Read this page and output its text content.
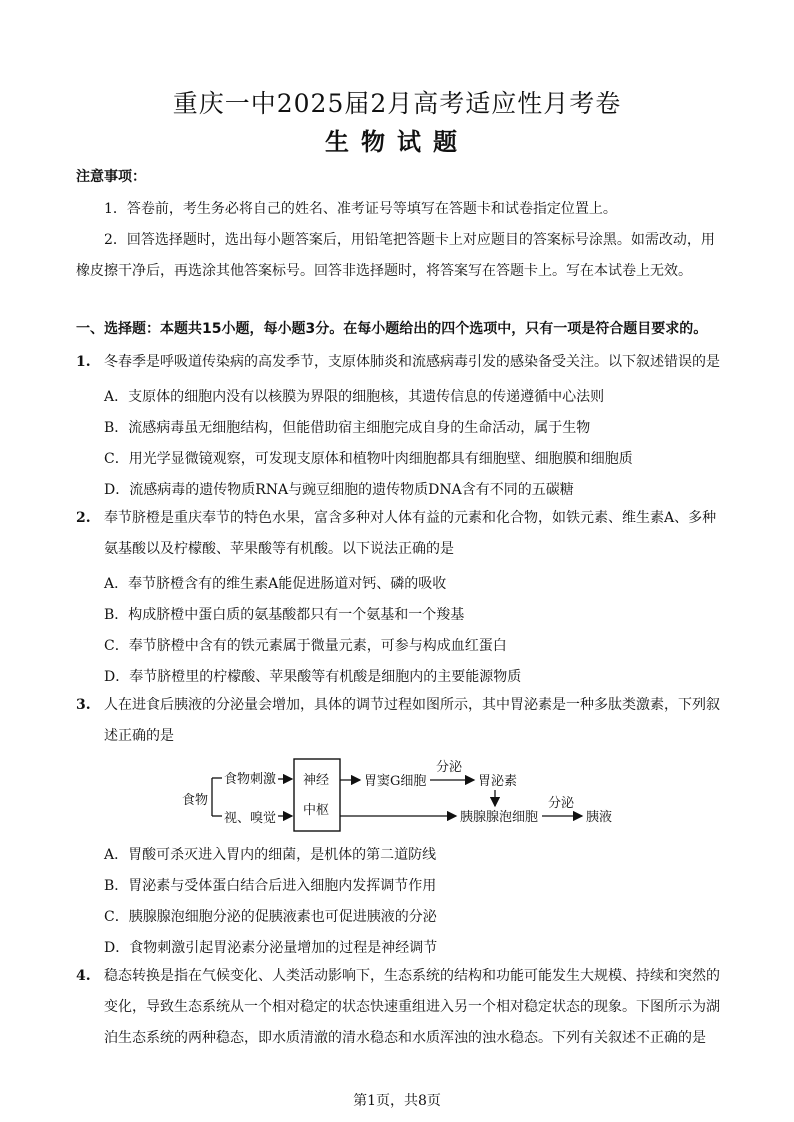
重庆一中2025届2月高考适应性月考卷
生物试题
注意事项：
1．答卷前，考生务必将自己的姓名、准考证号等填写在答题卡和试卷指定位置上。
2．回答选择题时，选出每小题答案后，用铅笔把答题卡上对应题目的答案标号涂黑。如需改动，用橡皮擦干净后，再选涂其他答案标号。回答非选择题时，将答案写在答题卡上。写在本试卷上无效。
一、选择题：本题共15小题，每小题3分。在每小题给出的四个选项中，只有一项是符合题目要求的。
1. 冬春季是呼吸道传染病的高发季节，支原体肺炎和流感病毒引发的感染备受关注。以下叙述错误的是
A．支原体的细胞内没有以核膜为界限的细胞核，其遗传信息的传递遵循中心法则
B．流感病毒虽无细胞结构，但能借助宿主细胞完成自身的生命活动，属于生物
C．用光学显微镜观察，可发现支原体和植物叶肉细胞都具有细胞壁、细胞膜和细胞质
D．流感病毒的遗传物质RNA与豌豆细胞的遗传物质DNA含有不同的五碳糖
2. 奉节脐橙是重庆奉节的特色水果，富含多种对人体有益的元素和化合物，如铁元素、维生素A、多种氨基酸以及柠檬酸、苹果酸等有机酸。以下说法正确的是
A．奉节脐橙含有的维生素A能促进肠道对钙、磷的吸收
B．构成脐橙中蛋白质的氨基酸都只有一个氨基和一个羧基
C．奉节脐橙中含有的铁元素属于微量元素，可参与构成血红蛋白
D．奉节脐橙里的柠檬酸、苹果酸等有机酸是细胞内的主要能源物质
3. 人在进食后胰液的分泌量会增加，具体的调节过程如图所示，其中胃泌素是一种多肽类激素，下列叙述正确的是
食物
食物刺激
视、嗅觉
神经
中枢
胃窦G细胞
分泌
胃泌素
胰腺腺泡细胞
分泌
胰液
A．胃酸可杀灭进入胃内的细菌，是机体的第二道防线
B．胃泌素与受体蛋白结合后进入细胞内发挥调节作用
C．胰腺腺泡细胞分泌的促胰液素也可促进胰液的分泌
D．食物刺激引起胃泌素分泌量增加的过程是神经调节
4. 稳态转换是指在气候变化、人类活动影响下，生态系统的结构和功能可能发生大规模、持续和突然的变化，导致生态系统从一个相对稳定的状态快速重组进入另一个相对稳定状态的现象。下图所示为湖泊生态系统的两种稳态，即水质清澈的清水稳态和水质浑浊的浊水稳态。下列有关叙述不正确的是
第1页，共8页
